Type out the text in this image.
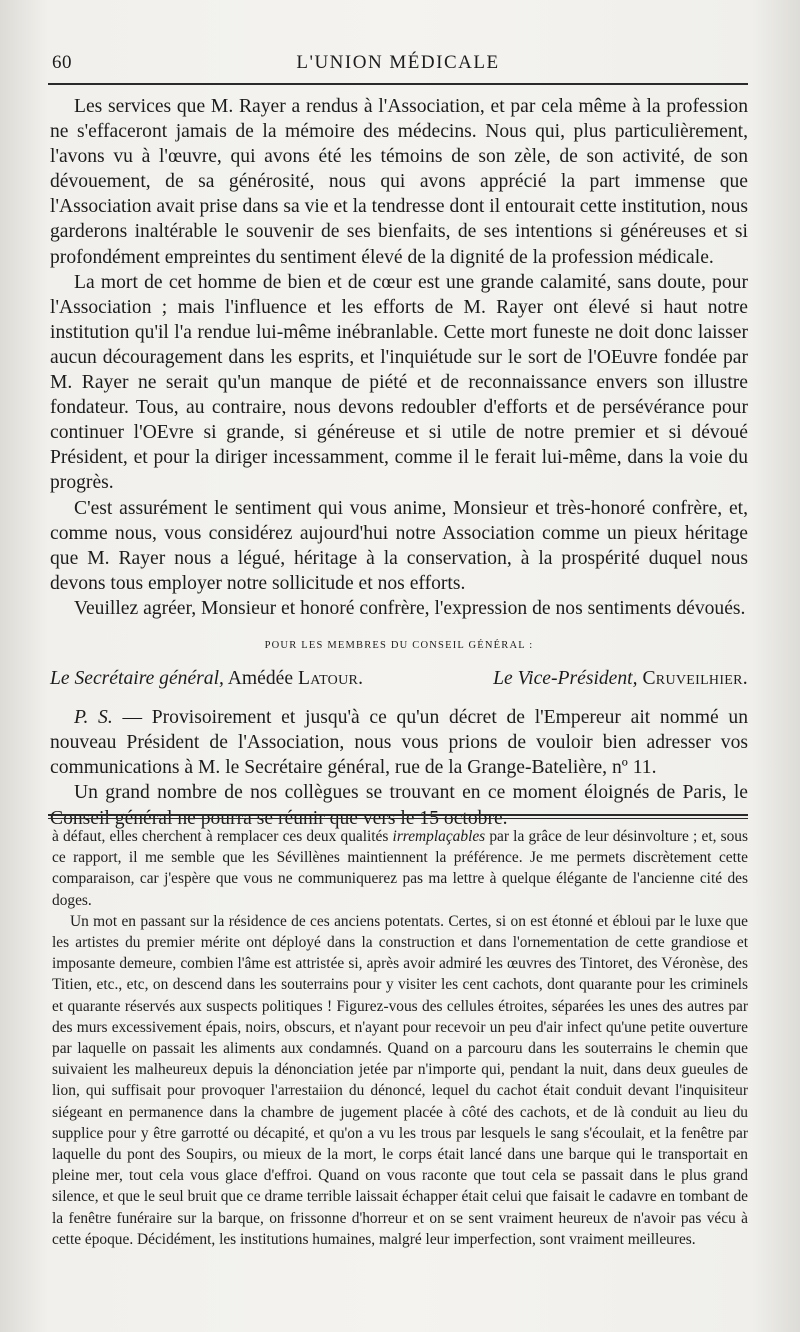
60	L'UNION MÉDICALE

Les services que M. Rayer a rendus à l'Association, et par cela même à la profession ne s'effaceront jamais de la mémoire des médecins. Nous qui, plus particulièrement, l'avons vu à l'œuvre, qui avons été les témoins de son zèle, de son activité, de son dévouement, de sa générosité, nous qui avons apprécié la part immense que l'Association avait prise dans sa vie et la tendresse dont il entourait cette institution, nous garderons inaltérable le souvenir de ses bienfaits, de ses intentions si généreuses et si profondément empreintes du sentiment élevé de la dignité de la profession médicale.

La mort de cet homme de bien et de cœur est une grande calamité, sans doute, pour l'Association ; mais l'influence et les efforts de M. Rayer ont élevé si haut notre institution qu'il l'a rendue lui-même inébranlable. Cette mort funeste ne doit donc laisser aucun découragement dans les esprits, et l'inquiétude sur le sort de l'OEuvre fondée par M. Rayer ne serait qu'un manque de piété et de reconnaissance envers son illustre fondateur. Tous, au contraire, nous devons redoubler d'efforts et de persévérance pour continuer l'OEvre si grande, si généreuse et si utile de notre premier et si dévoué Président, et pour la diriger incessamment, comme il le ferait lui-même, dans la voie du progrès.

C'est assurément le sentiment qui vous anime, Monsieur et très-honoré confrère, et, comme nous, vous considérez aujourd'hui notre Association comme un pieux héritage que M. Rayer nous a légué, héritage à la conservation, à la prospérité duquel nous devons tous employer notre sollicitude et nos efforts.

Veuillez agréer, Monsieur et honoré confrère, l'expression de nos sentiments dévoués.

POUR LES MEMBRES DU CONSEIL GÉNÉRAL :
Le Secrétaire général, Amédée Latour.	Le Vice-Président, Cruveilhier.

P. S. — Provisoirement et jusqu'à ce qu'un décret de l'Empereur ait nommé un nouveau Président de l'Association, nous vous prions de vouloir bien adresser vos communications à M. le Secrétaire général, rue de la Grange-Batelière, nº 11.

Un grand nombre de nos collègues se trouvant en ce moment éloignés de Paris, le Conseil général ne pourra se réunir que vers le 15 octobre.

à défaut, elles cherchent à remplacer ces deux qualités irremplaçables par la grâce de leur désinvolture ; et, sous ce rapport, il me semble que les Sévillènes maintiennent la préférence. Je me permets discrètement cette comparaison, car j'espère que vous ne communiquerez pas ma lettre à quelque élégante de l'ancienne cité des doges.

Un mot en passant sur la résidence de ces anciens potentats. Certes, si on est étonné et ébloui par le luxe que les artistes du premier mérite ont déployé dans la construction et dans l'ornementation de cette grandiose et imposante demeure, combien l'âme est attristée si, après avoir admiré les œuvres des Tintoret, des Véronèse, des Titien, etc., etc, on descend dans les souterrains pour y visiter les cent cachots, dont quarante pour les criminels et quarante réservés aux suspects politiques ! Figurez-vous des cellules étroites, séparées les unes des autres par des murs excessivement épais, noirs, obscurs, et n'ayant pour recevoir un peu d'air infect qu'une petite ouverture par laquelle on passait les aliments aux condamnés. Quand on a parcouru dans les souterrains le chemin que suivaient les malheureux depuis la dénonciation jetée par n'importe qui, pendant la nuit, dans deux gueules de lion, qui suffisait pour provoquer l'arrestaiion du dénoncé, lequel du cachot était conduit devant l'inquisiteur siégeant en permanence dans la chambre de jugement placée à côté des cachots, et de là conduit au lieu du supplice pour y être garrotté ou décapité, et qu'on a vu les trous par lesquels le sang s'écoulait, et la fenêtre par laquelle du pont des Soupirs, ou mieux de la mort, le corps était lancé dans une barque qui le transportait en pleine mer, tout cela vous glace d'effroi. Quand on vous raconte que tout cela se passait dans le plus grand silence, et que le seul bruit que ce drame terrible laissait échapper était celui que faisait le cadavre en tombant de la fenêtre funéraire sur la barque, on frissonne d'horreur et on se sent vraiment heureux de n'avoir pas vécu à cette époque. Décidément, les institutions humaines, malgré leur imperfection, sont vraiment meilleures.
